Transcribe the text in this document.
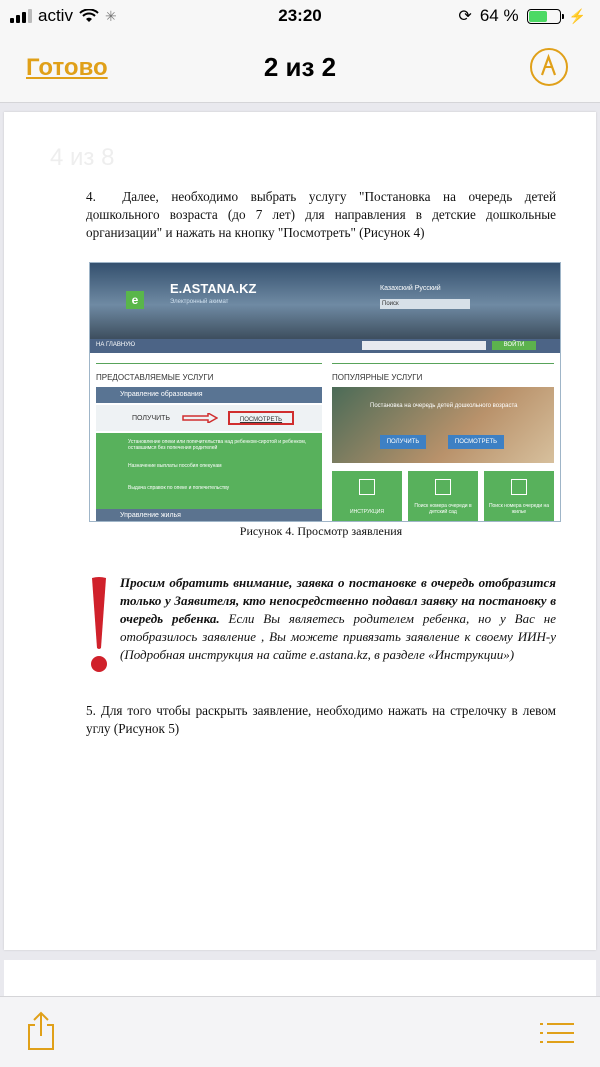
activ ✳	23:20	⟳ 64 %	⚡
Готово	2 из 2
4 из 8
4.  Далее, необходимо выбрать услугу "Постановка на очередь детей дошкольного возраста (до 7 лет) для направления в детские дошкольные организации" и нажать на кнопку "Посмотреть" (Рисунок 4)
e
E.ASTANA.KZ
Электронный акимат
Казахский Русский
Поиск
НА ГЛАВНУЮ	ВОЙТИ
ПРЕДОСТАВЛЯЕМЫЕ УСЛУГИ	ПОПУЛЯРНЫЕ УСЛУГИ
Управление образования
ПОЛУЧИТЬ	ПОСМОТРЕТЬ
Установление опеки или попечительства над ребенком-сиротой и ребенком, оставшимся без попечения родителей
Назначение выплаты пособия опекунам
Выдача справок по опеке и попечительству
Управление жилья
Постановка на очередь детей дошкольного возраста
ПОЛУЧИТЬ	ПОСМОТРЕТЬ
ИНСТРУКЦИЯ
Поиск номера очереди в детский сад
Поиск номера очереди на жилье
Рисунок 4. Просмотр заявления
Просим обратить внимание, заявка о постановке в очередь отобразится только у Заявителя, кто непосредственно подавал заявку на постановку в очередь ребенка. Если Вы являетесь родителем ребенка, но у Вас не отобразилось заявление , Вы можете привязать заявление к своему ИИН-у (Подробная инструкция на сайте e.astana.kz, в разделе «Инструкции»)
5. Для того чтобы раскрыть заявление, необходимо нажать на стрелочку в левом углу (Рисунок 5)
